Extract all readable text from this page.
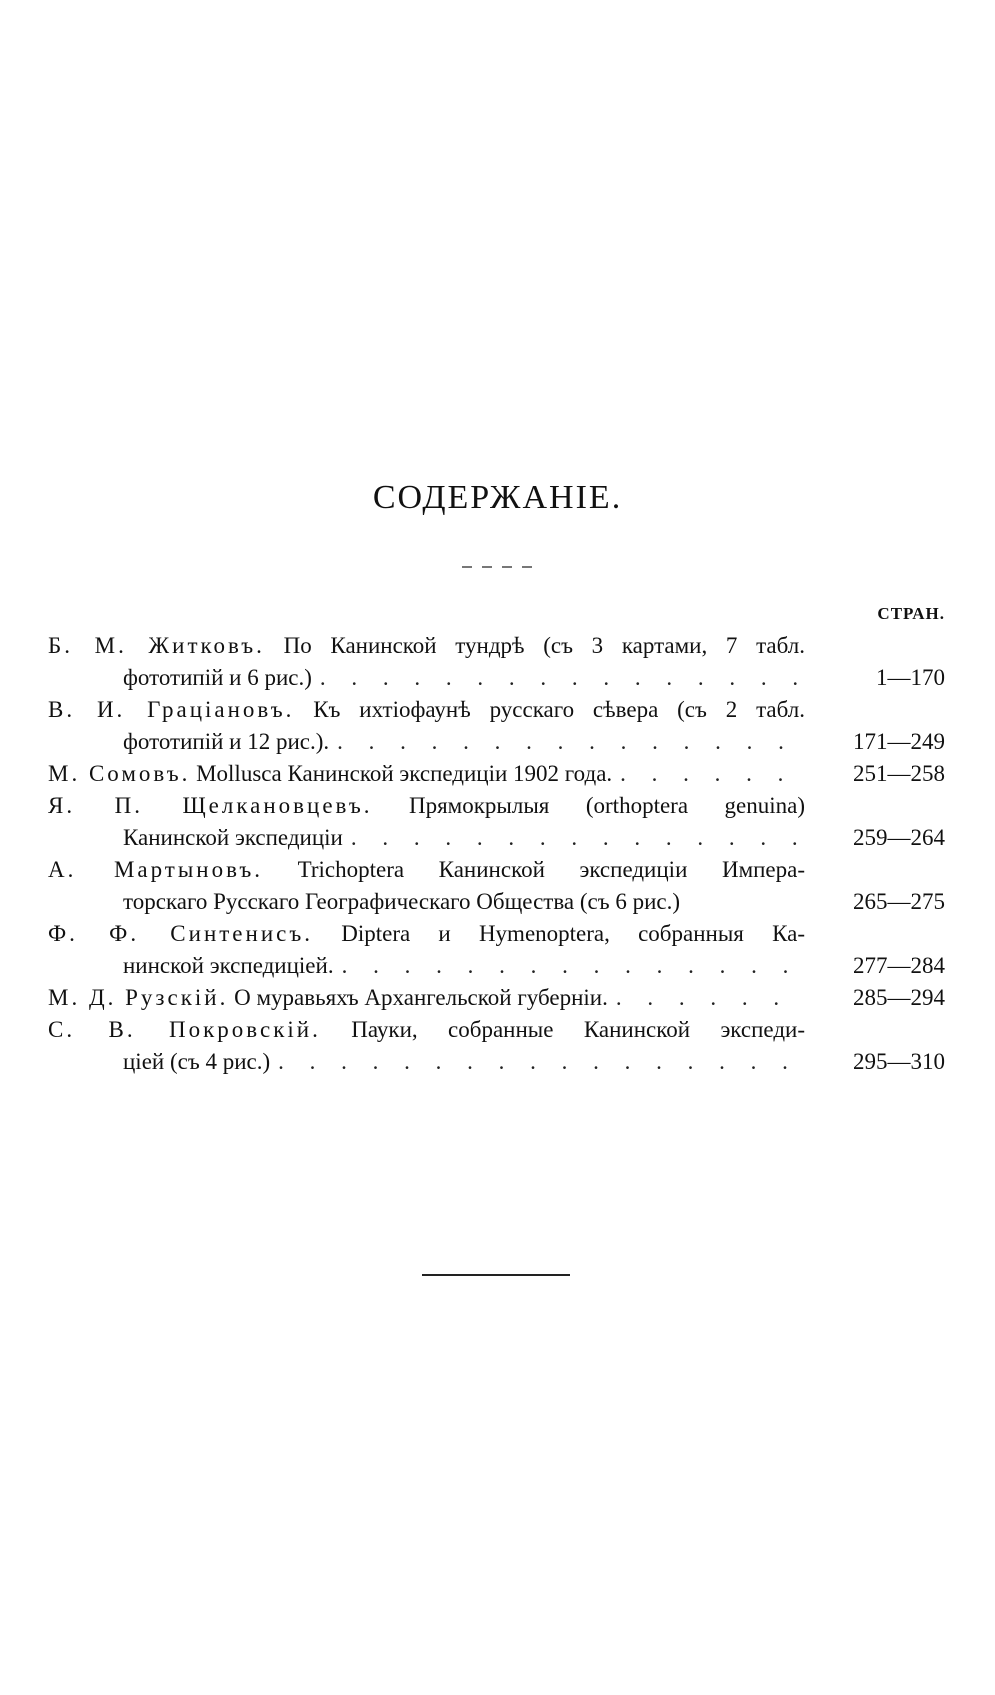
СОДЕРЖАНIЕ.
СТРАН.
Б. М. Житковъ. По Канинской тундрѣ (съ 3 картами, 7 табл.
фототипiй и 6 рис.) . . .	1—170
В. И. Грацiановъ. Къ ихтiофаунѣ русскаго сѣвера (съ 2 табл.
фототипiй и 12 рис.). . . .	171—249
М. Сомовъ. Mollusca Канинской экспедицiи 1902 года. . . .	251—258
Я. П. Щелкановцевъ. Прямокрылыя (orthoptera genuina)
Канинской экспедицiи . . .	259—264
А. Мартыновъ. Trichoptera Канинской экспедицiи Импера-
торскаго Русскаго Географическаго Общества (съ 6 рис.)	265—275
Ф. Ф. Синтенисъ. Diptera и Hymenoptera, собранныя Ка-
нинской экспедицiей. . . .	277—284
М. Д. Рузскiй. О муравьяхъ Архангельской губернiи. . . .	285—294
С. В. Покровскiй. Пауки, собранные Канинской экспеди-
цiей (съ 4 рис.) . . .	295—310
